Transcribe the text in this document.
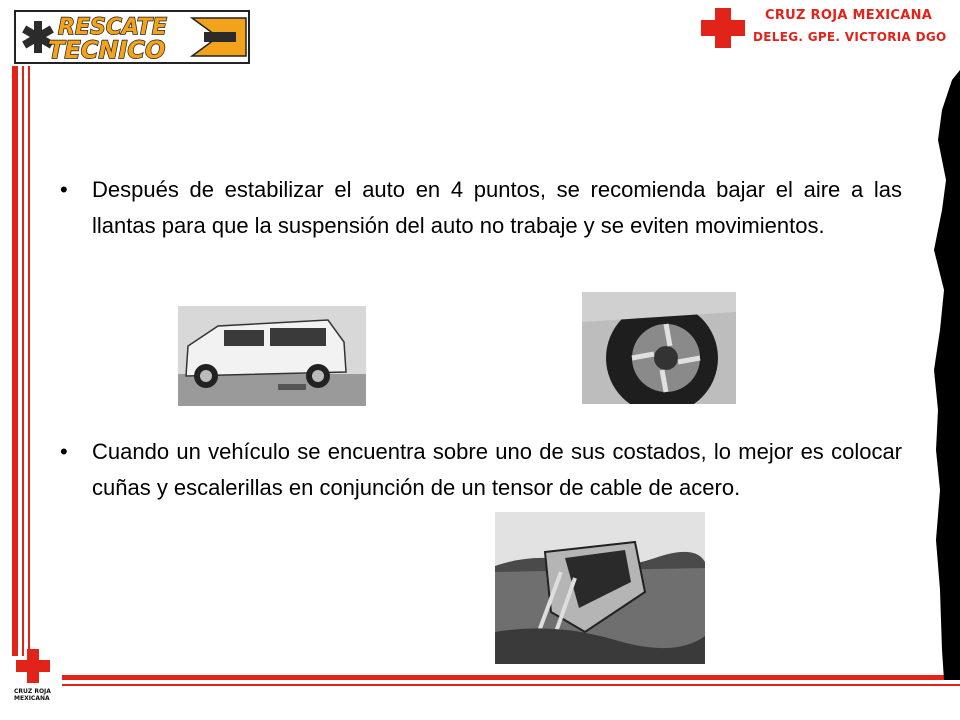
RESCATE
TECNICO
CRUZ ROJA MEXICANA
DELEG. GPE. VICTORIA DGO
• Después de estabilizar el auto en 4 puntos, se recomienda bajar el aire a las llantas para que la suspensión del auto no trabaje y se eviten movimientos.
• Cuando un vehículo se encuentra sobre uno de sus costados, lo mejor es colocar cuñas y escalerillas en conjunción de un tensor de cable de acero.
CRUZ ROJA
MEXICANA
